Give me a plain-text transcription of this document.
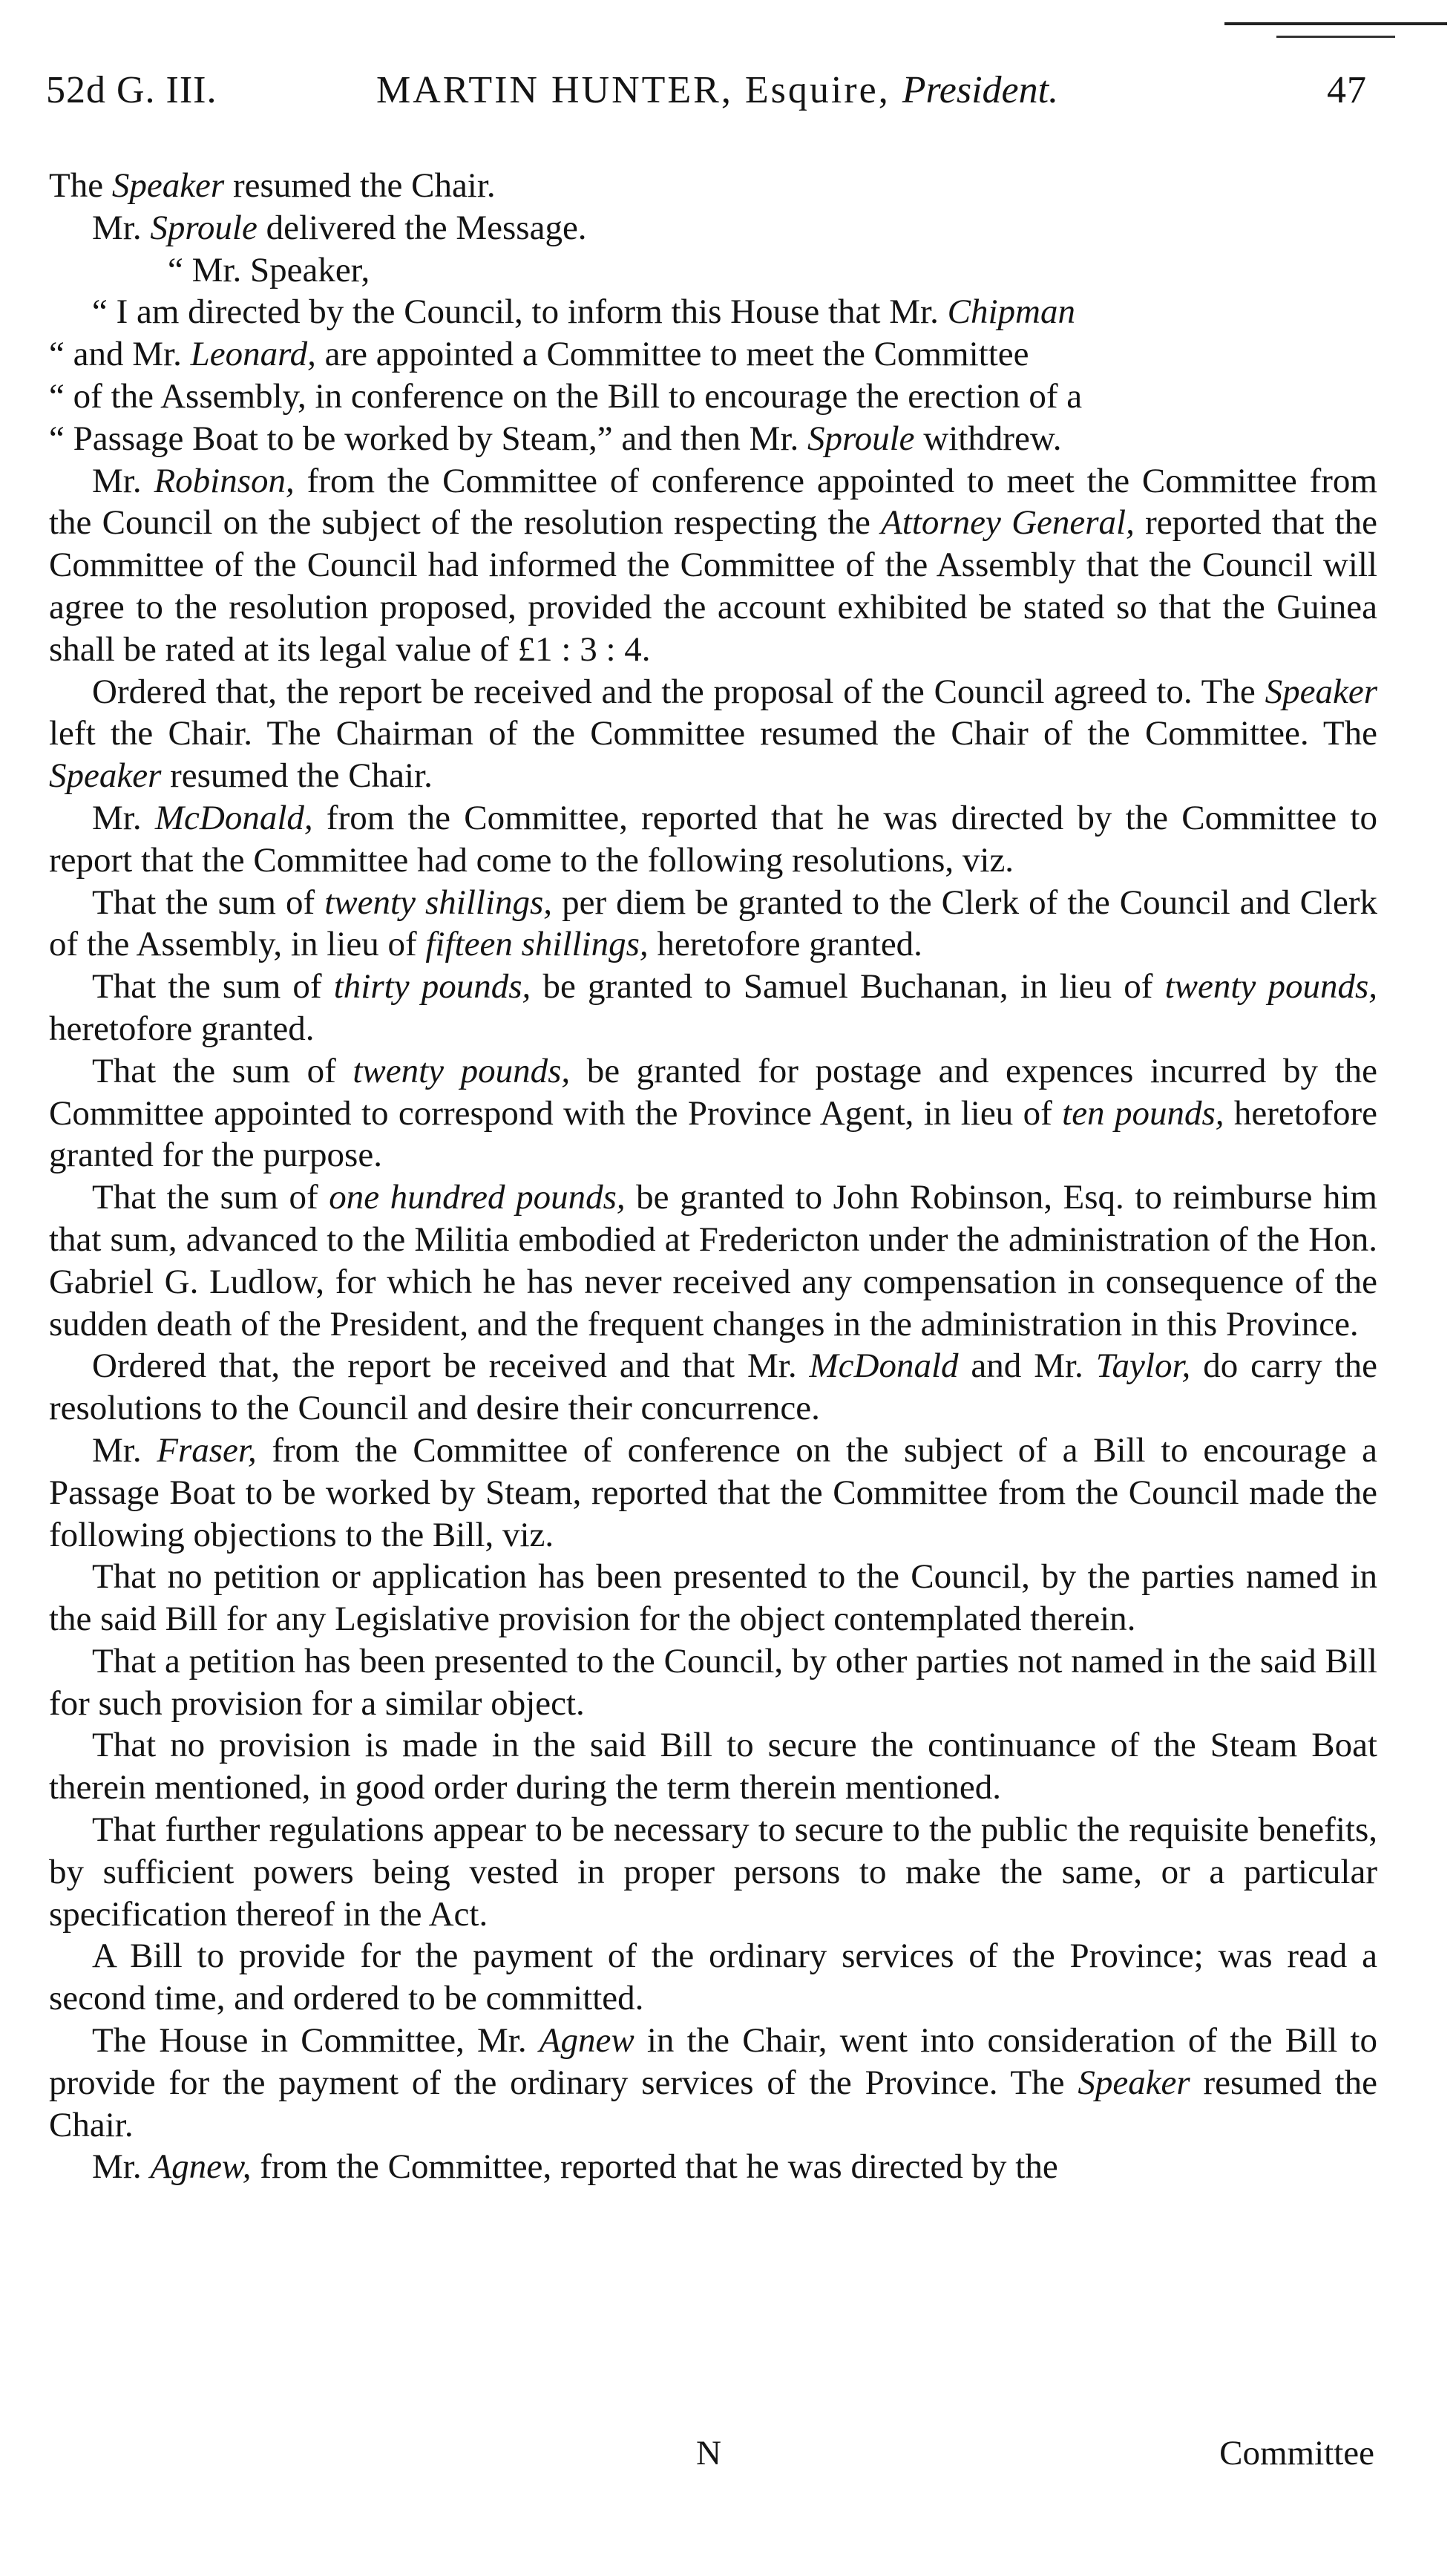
52d G. III.	MARTIN HUNTER, Esquire, President.	47

The Speaker resumed the Chair.

Mr. Sproule delivered the Message.

“ Mr. Speaker,

“ I am directed by the Council, to inform this House that Mr. Chipman

“ and Mr. Leonard, are appointed a Committee to meet the Committee

“ of the Assembly, in conference on the Bill to encourage the erection of a

“ Passage Boat to be worked by Steam,” and then Mr. Sproule withdrew.

Mr. Robinson, from the Committee of conference appointed to meet the Committee from the Council on the subject of the resolution respecting the Attorney General, reported that the Committee of the Council had informed the Committee of the Assembly that the Council will agree to the resolution proposed, provided the account exhibited be stated so that the Guinea shall be rated at its legal value of £1 : 3 : 4.

Ordered that, the report be received and the proposal of the Council agreed to. The Speaker left the Chair. The Chairman of the Committee resumed the Chair of the Committee. The Speaker resumed the Chair.

Mr. McDonald, from the Committee, reported that he was directed by the Committee to report that the Committee had come to the following resolutions, viz.

That the sum of twenty shillings, per diem be granted to the Clerk of the Council and Clerk of the Assembly, in lieu of fifteen shillings, heretofore granted.

That the sum of thirty pounds, be granted to Samuel Buchanan, in lieu of twenty pounds, heretofore granted.

That the sum of twenty pounds, be granted for postage and expences incurred by the Committee appointed to correspond with the Province Agent, in lieu of ten pounds, heretofore granted for the purpose.

That the sum of one hundred pounds, be granted to John Robinson, Esq. to reimburse him that sum, advanced to the Militia embodied at Fredericton under the administration of the Hon. Gabriel G. Ludlow, for which he has never received any compensation in consequence of the sudden death of the President, and the frequent changes in the administration in this Province.

Ordered that, the report be received and that Mr. McDonald and Mr. Taylor, do carry the resolutions to the Council and desire their concurrence.

Mr. Fraser, from the Committee of conference on the subject of a Bill to encourage a Passage Boat to be worked by Steam, reported that the Committee from the Council made the following objections to the Bill, viz.

That no petition or application has been presented to the Council, by the parties named in the said Bill for any Legislative provision for the object contemplated therein.

That a petition has been presented to the Council, by other parties not named in the said Bill for such provision for a similar object.

That no provision is made in the said Bill to secure the continuance of the Steam Boat therein mentioned, in good order during the term therein mentioned.

That further regulations appear to be necessary to secure to the public the requisite benefits, by sufficient powers being vested in proper persons to make the same, or a particular specification thereof in the Act.

A Bill to provide for the payment of the ordinary services of the Province; was read a second time, and ordered to be committed.

The House in Committee, Mr. Agnew in the Chair, went into consideration of the Bill to provide for the payment of the ordinary services of the Province. The Speaker resumed the Chair.

Mr. Agnew, from the Committee, reported that he was directed by the

N	Committee
